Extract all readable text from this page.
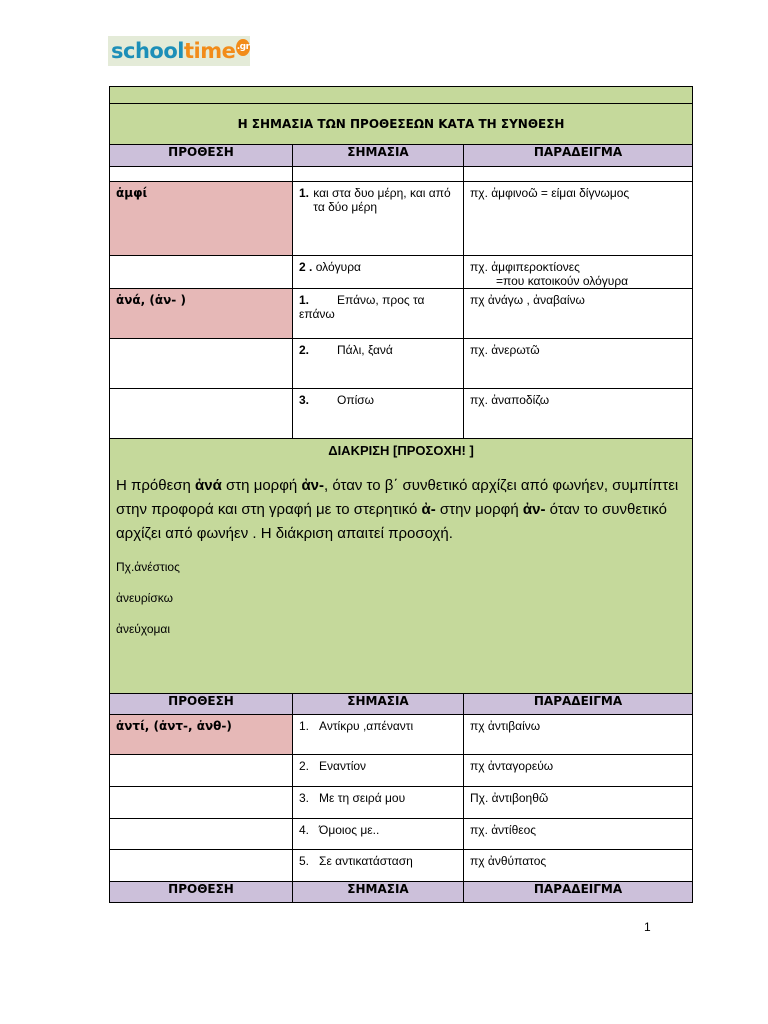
school time .gr

Η ΣΗΜΑΣΙΑ ΤΩΝ ΠΡΟΘΕΣΕΩΝ ΚΑΤΑ ΤΗ ΣΥΝΘΕΣΗ		
ΠΡΟΘΕΣΗ	ΣΗΜΑΣΙΑ	ΠΑΡΑΔΕΙΓΜΑ

ἀμφί	1. και στα δυο μέρη, και από τα δύο μέρη	πχ. ἀμφινοῶ = είμαι δίγνωμος
	2 . ολόγυρα	πχ. ἀμφιπεροκτίονες
=που κατοικούν ολόγυρα

ἀνά, (ἀν- )	1. Επάνω, προς τα επάνω	πχ ἀνάγω , ἀναβαίνω
	2. Πάλι, ξανά	πχ. ἀνερωτῶ
	3. Οπίσω	πχ. ἀναποδίζω

ΔΙΑΚΡΙΣΗ [ΠΡΟΣΟΧΗ! ]
Η πρόθεση ἀνά στη μορφή ἀν-, όταν το β΄ συνθετικό αρχίζει από φωνήεν, συμπίπτει στην προφορά και στη γραφή με το στερητικό ἀ- στην μορφή ἀν- όταν το συνθετικό αρχίζει από φωνήεν . Η διάκριση απαιτεί προσοχή.
Πχ.ἀνέστιος
ἀνευρίσκω
ἀνεύχομαι		

ΠΡΟΘΕΣΗ	ΣΗΜΑΣΙΑ	ΠΑΡΑΔΕΙΓΜΑ
ἀντί, (ἀντ-, ἀνθ-)	1. Αντίκρυ ,απέναντι	πχ ἀντιβαίνω
	2. Εναντίον	πχ ἀνταγορεύω
	3. Με τη σειρά μου	Πχ. ἀντιβοηθῶ
	4. Όμοιος με..	πχ. ἀντίθεος
	5. Σε αντικατάσταση	πχ ἀνθύπατος
ΠΡΟΘΕΣΗ	ΣΗΜΑΣΙΑ	ΠΑΡΑΔΕΙΓΜΑ
1
